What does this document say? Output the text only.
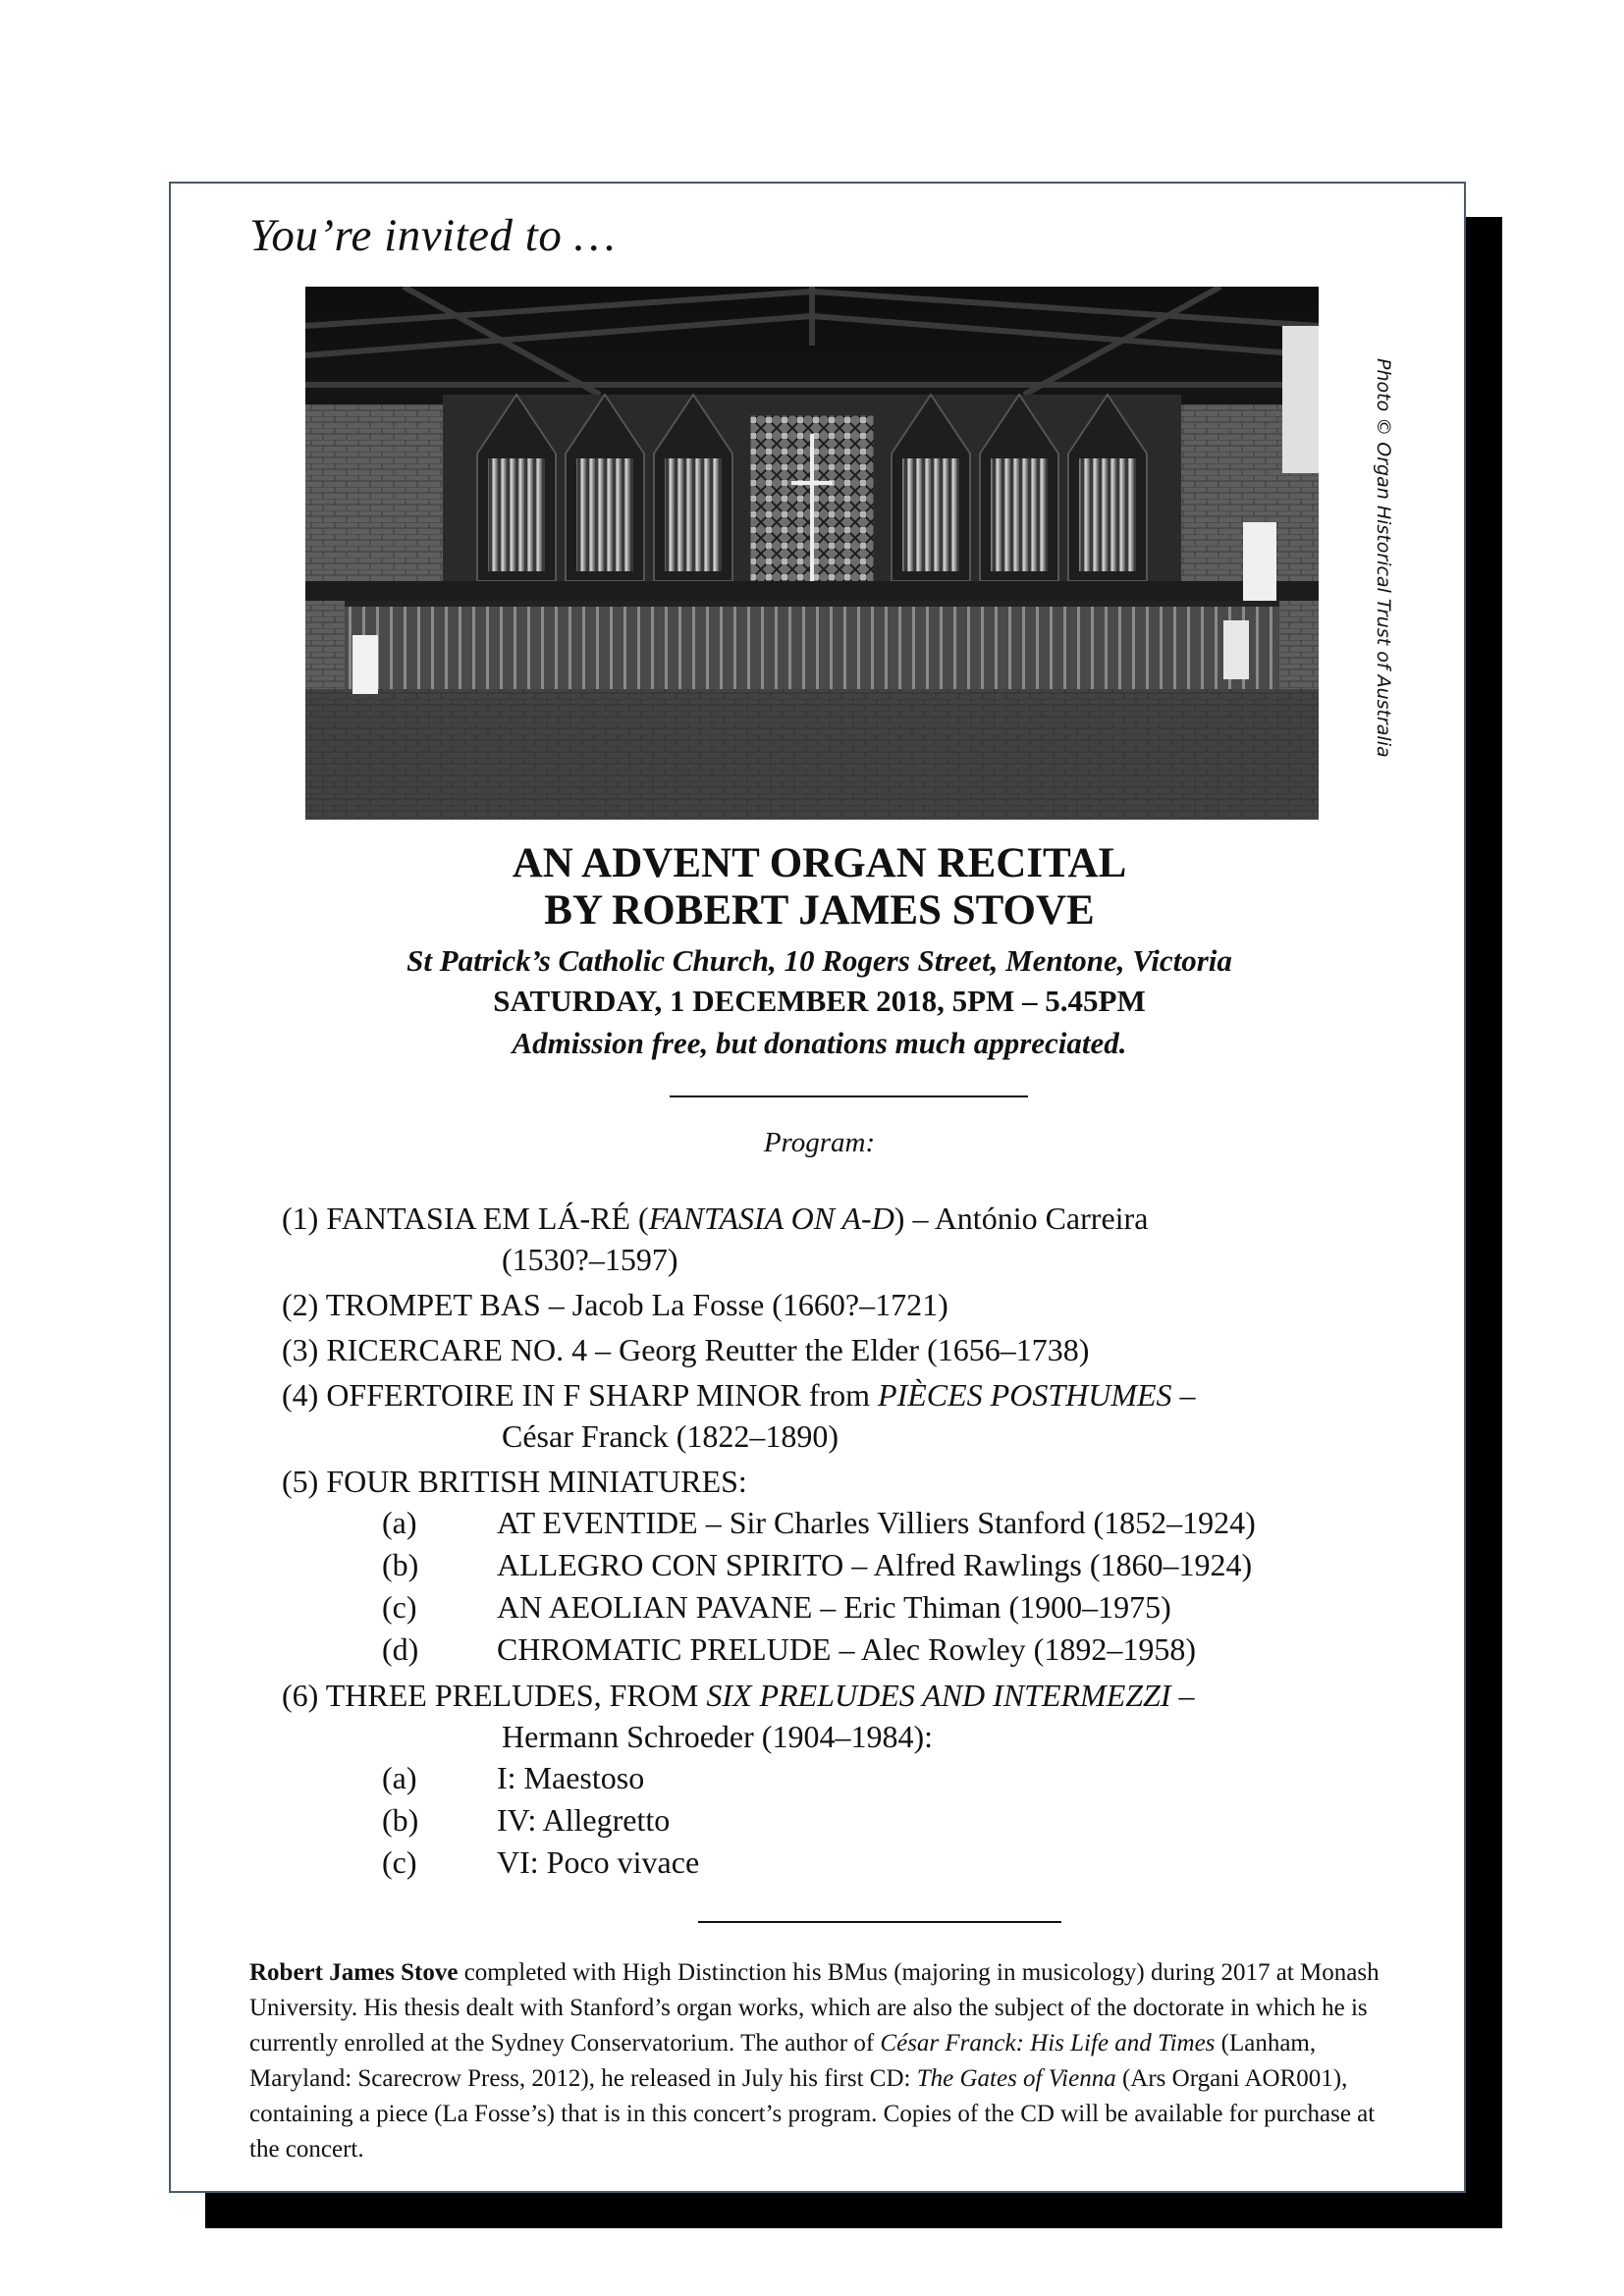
You’re invited to …
Photo © Organ Historical Trust of Australia
AN ADVENT ORGAN RECITAL
BY ROBERT JAMES STOVE
St Patrick’s Catholic Church, 10 Rogers Street, Mentone, Victoria
SATURDAY, 1 DECEMBER 2018, 5PM – 5.45PM
Admission free, but donations much appreciated.
Program:
(1) FANTASIA EM LÁ-RÉ (FANTASIA ON A-D) – António Carreira
(1530?–1597)
(2) TROMPET BAS – Jacob La Fosse (1660?–1721)
(3) RICERCARE NO. 4 – Georg Reutter the Elder (1656–1738)
(4) OFFERTOIRE IN F SHARP MINOR from PIÈCES POSTHUMES –
César Franck (1822–1890)
(5) FOUR BRITISH MINIATURES:
(a)	AT EVENTIDE – Sir Charles Villiers Stanford (1852–1924)
(b)	ALLEGRO CON SPIRITO – Alfred Rawlings (1860–1924)
(c)	AN AEOLIAN PAVANE – Eric Thiman (1900–1975)
(d)	CHROMATIC PRELUDE – Alec Rowley (1892–1958)
(6) THREE PRELUDES, FROM SIX PRELUDES AND INTERMEZZI –
Hermann Schroeder (1904–1984):
(a)	I: Maestoso
(b)	IV: Allegretto
(c)	VI: Poco vivace
Robert James Stove completed with High Distinction his BMus (majoring in musicology) during 2017 at Monash University. His thesis dealt with Stanford’s organ works, which are also the subject of the doctorate in which he is currently enrolled at the Sydney Conservatorium. The author of César Franck: His Life and Times (Lanham, Maryland: Scarecrow Press, 2012), he released in July his first CD: The Gates of Vienna (Ars Organi AOR001), containing a piece (La Fosse’s) that is in this concert’s program. Copies of the CD will be available for purchase at the concert.
